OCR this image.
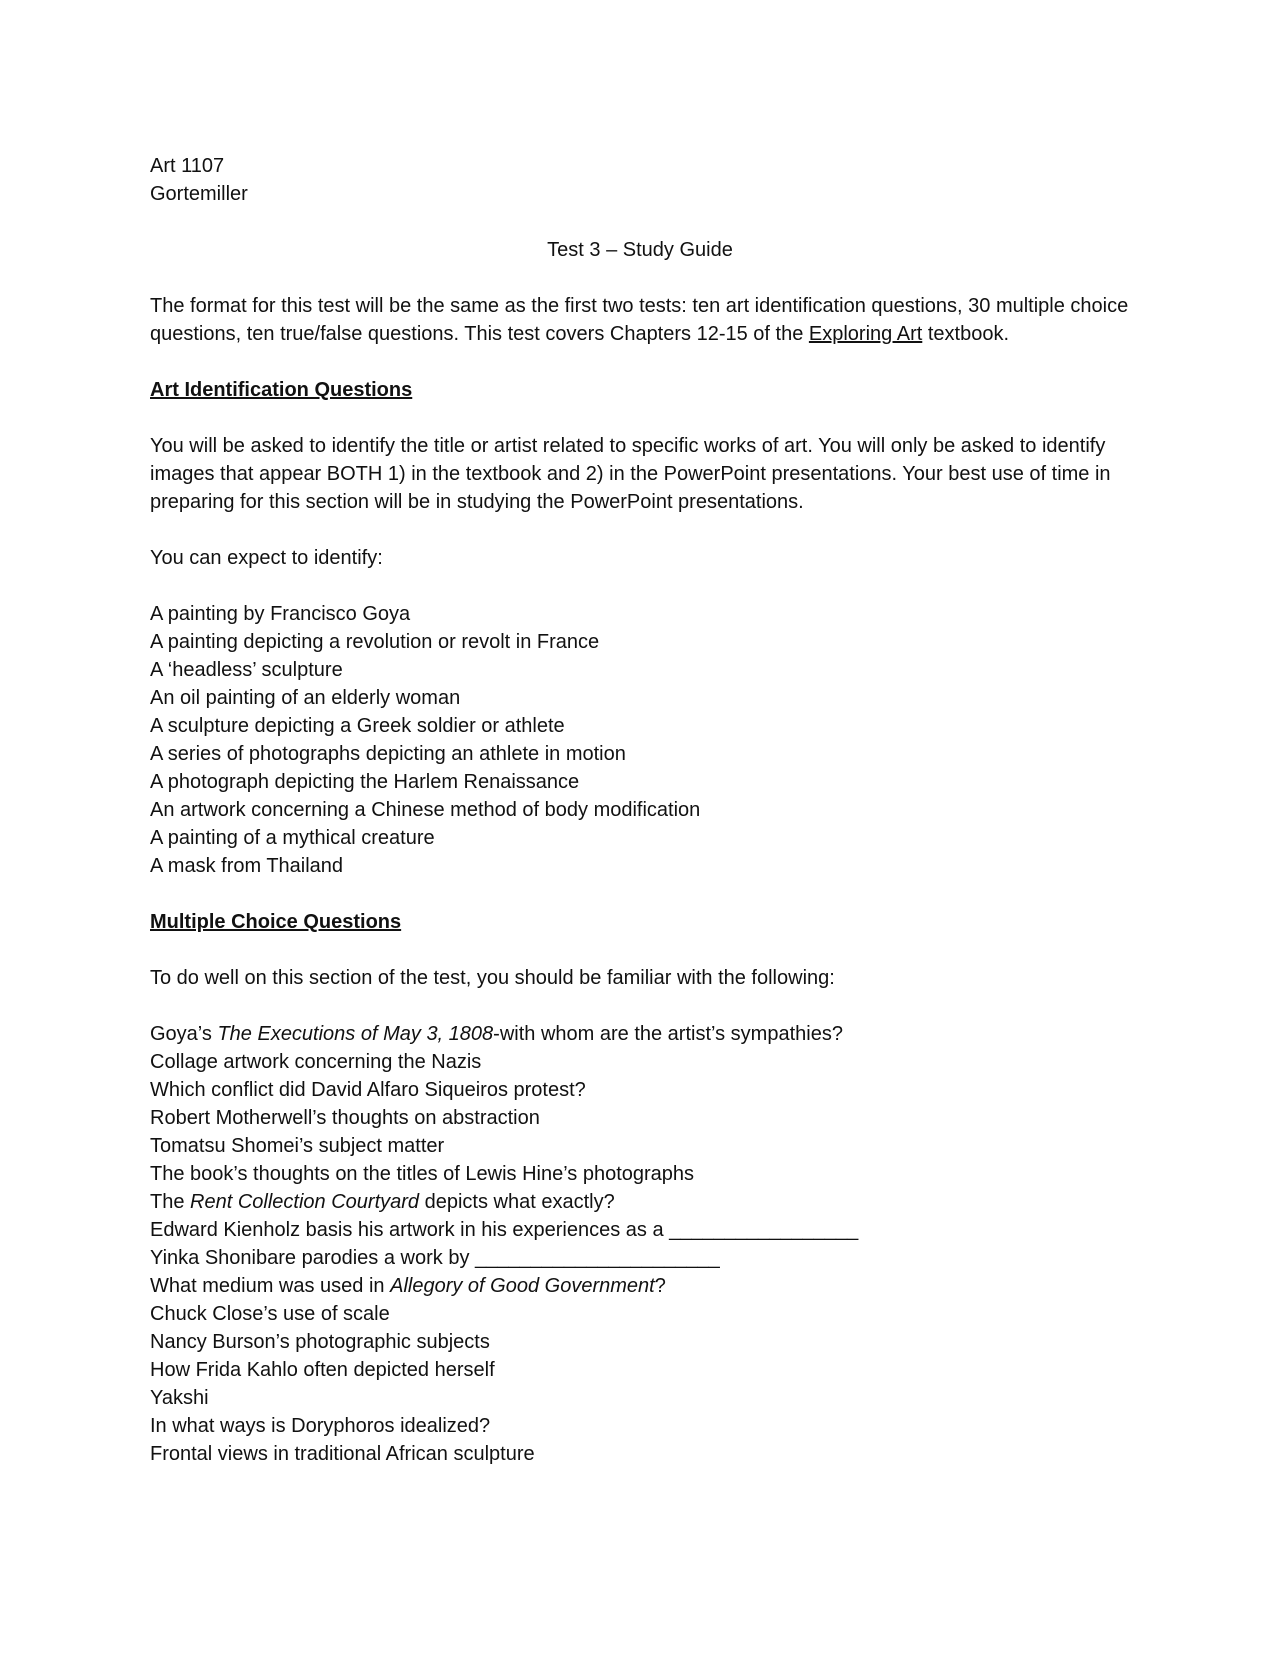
Art 1107
Gortemiller
Test 3 – Study Guide
The format for this test will be the same as the first two tests: ten art identification questions, 30 multiple choice questions, ten true/false questions. This test covers Chapters 12-15 of the Exploring Art textbook.
Art Identification Questions
You will be asked to identify the title or artist related to specific works of art. You will only be asked to identify images that appear BOTH 1) in the textbook and 2) in the PowerPoint presentations. Your best use of time in preparing for this section will be in studying the PowerPoint presentations.
You can expect to identify:
A painting by Francisco Goya
A painting depicting a revolution or revolt in France
A ‘headless’ sculpture
An oil painting of an elderly woman
A sculpture depicting a Greek soldier or athlete
A series of photographs depicting an athlete in motion
A photograph depicting the Harlem Renaissance
An artwork concerning a Chinese method of body modification
A painting of a mythical creature
A mask from Thailand
Multiple Choice Questions
To do well on this section of the test, you should be familiar with the following:
Goya’s The Executions of May 3, 1808-with whom are the artist’s sympathies?
Collage artwork concerning the Nazis
Which conflict did David Alfaro Siqueiros protest?
Robert Motherwell’s thoughts on abstraction
Tomatsu Shomei’s subject matter
The book’s thoughts on the titles of Lewis Hine’s photographs
The Rent Collection Courtyard depicts what exactly?
Edward Kienholz basis his artwork in his experiences as a _________________
Yinka Shonibare parodies a work by ______________________
What medium was used in Allegory of Good Government?
Chuck Close’s use of scale
Nancy Burson’s photographic subjects
How Frida Kahlo often depicted herself
Yakshi
In what ways is Doryphoros idealized?
Frontal views in traditional African sculpture
